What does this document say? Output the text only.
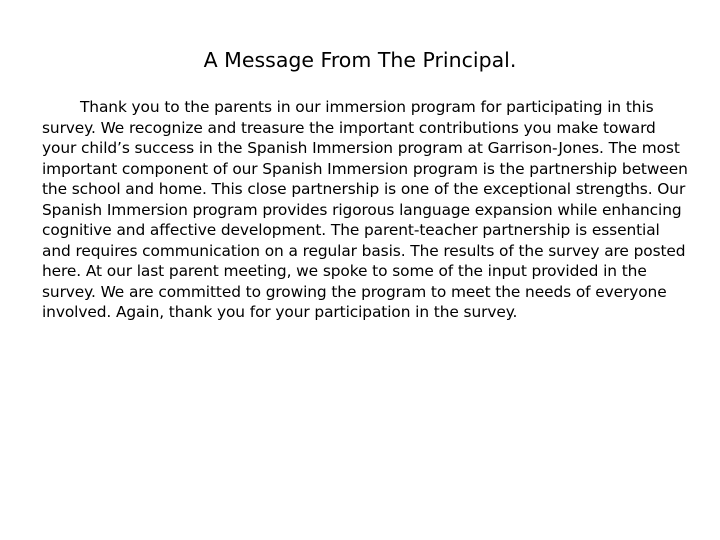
A Message From The Principal.

Thank you to the parents in our immersion program for participating in this survey. We recognize and treasure the important contributions you make toward your child’s success in the Spanish Immersion program at Garrison-Jones. The most important component of our Spanish Immersion program is the partnership between the school and home. This close partnership is one of the exceptional strengths. Our Spanish Immersion program provides rigorous language expansion while enhancing cognitive and affective development. The parent-teacher partnership is essential and requires communication on a regular basis. The results of the survey are posted here. At our last parent meeting, we spoke to some of the input provided in the survey. We are committed to growing the program to meet the needs of everyone involved. Again, thank you for your participation in the survey.
